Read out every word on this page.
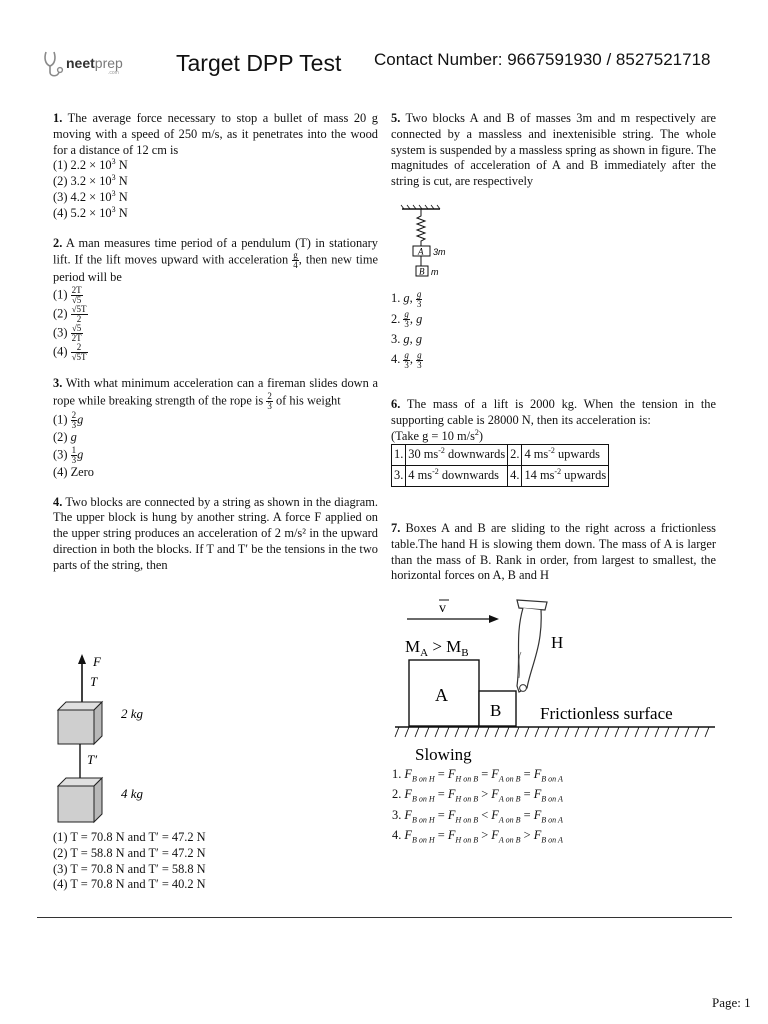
neetprep
.com Target DPP Test Contact Number: 9667591930 / 8527521718

1. The average force necessary to stop a bullet of mass 20 g moving with a speed of 250 m/s, as it penetrates into the wood for a distance of 12 cm is

(1) $2.2 \times 10^3$ N

(2) $3.2 \times 10^3$ N

(3) $4.2 \times 10^3$ N

(4) $5.2 \times 10^3$ N

2. A man measures time period of a pendulum (T) in stationary lift. If the lift moves upward with acceleration $\frac{g}{4}$ , then new time period will be

$(1) \frac{2T}{√5}$

$(2) \frac{√5T}{2}$

$(3) \frac{√5}{2T}$

$(4) \frac{2}{√5T}$

3. With what minimum acceleration can a fireman slides down a rope while breaking strength of the rope is $\frac{2}{3}$ of his weight

$(1) \frac{2}{3}$ g

(2) g

$(3) \frac{1}{3}$ g

(4) Zero

4. Two blocks are connected by a string as shown in the diagram. The upper block is hung by another string. A force F applied on the upper string produces an acceleration of 2 m/s² in the upward direction in both the blocks. If T and T′ be the tensions in the two parts of the string, then

F
T
2 kg
T′
4 kg

(1) T = 70.8 N and T′ = 47.2 N

(2) T = 58.8 N and T′ = 47.2 N

(3) T = 70.8 N and T′ = 58.8 N

(4) T = 70.8 N and T′ = 40.2 N

5. Two blocks A and B of masses 3m and m respectively are connected by a massless and inextenisible string. The whole system is suspended by a massless spring as shown in figure. The magnitudes of acceleration of A and B immediately after the string is cut, are respectively

A 3m
B m

1. g, $\frac{g}{3}$

2. $\frac{g}{3}$ , g

3. g, g

4. $\frac{g}{3}$ , $\frac{g}{3}$

6. The mass of a lift is 2000 kg. When the tension in the supporting cable is 28000 N, then its acceleration is:

(Take g = 10 $m/s^2$)

1.	30 $ms^{-2}$ downwards	2.	4 $ms^{-2}$ upwards
3.	4 $ms^{-2}$ downwards	4.	14 $ms^{-2}$ upwards

7. Boxes A and B are sliding to the right across a frictionless table.The hand H is slowing them down. The mass of A is larger than the mass of B. Rank in order, from largest to smallest, the horizontal forces on A, B and H

v
$M_A > M_B$
H
A
B Frictionless surface
Slowing
1. $F_{B on H} = F_{H on B} = F_{A on B} = F_{B on A}$
2. $F_{B on H} = F_{H on B} > F_{A on B} = F_{B on A}$
3. $F_{B on H} = F_{H on B} < F_{A on B} = F_{B on A}$
4. $F_{B on H} = F_{H on B} > F_{A on B} > F_{B on A}$
Page: 1
